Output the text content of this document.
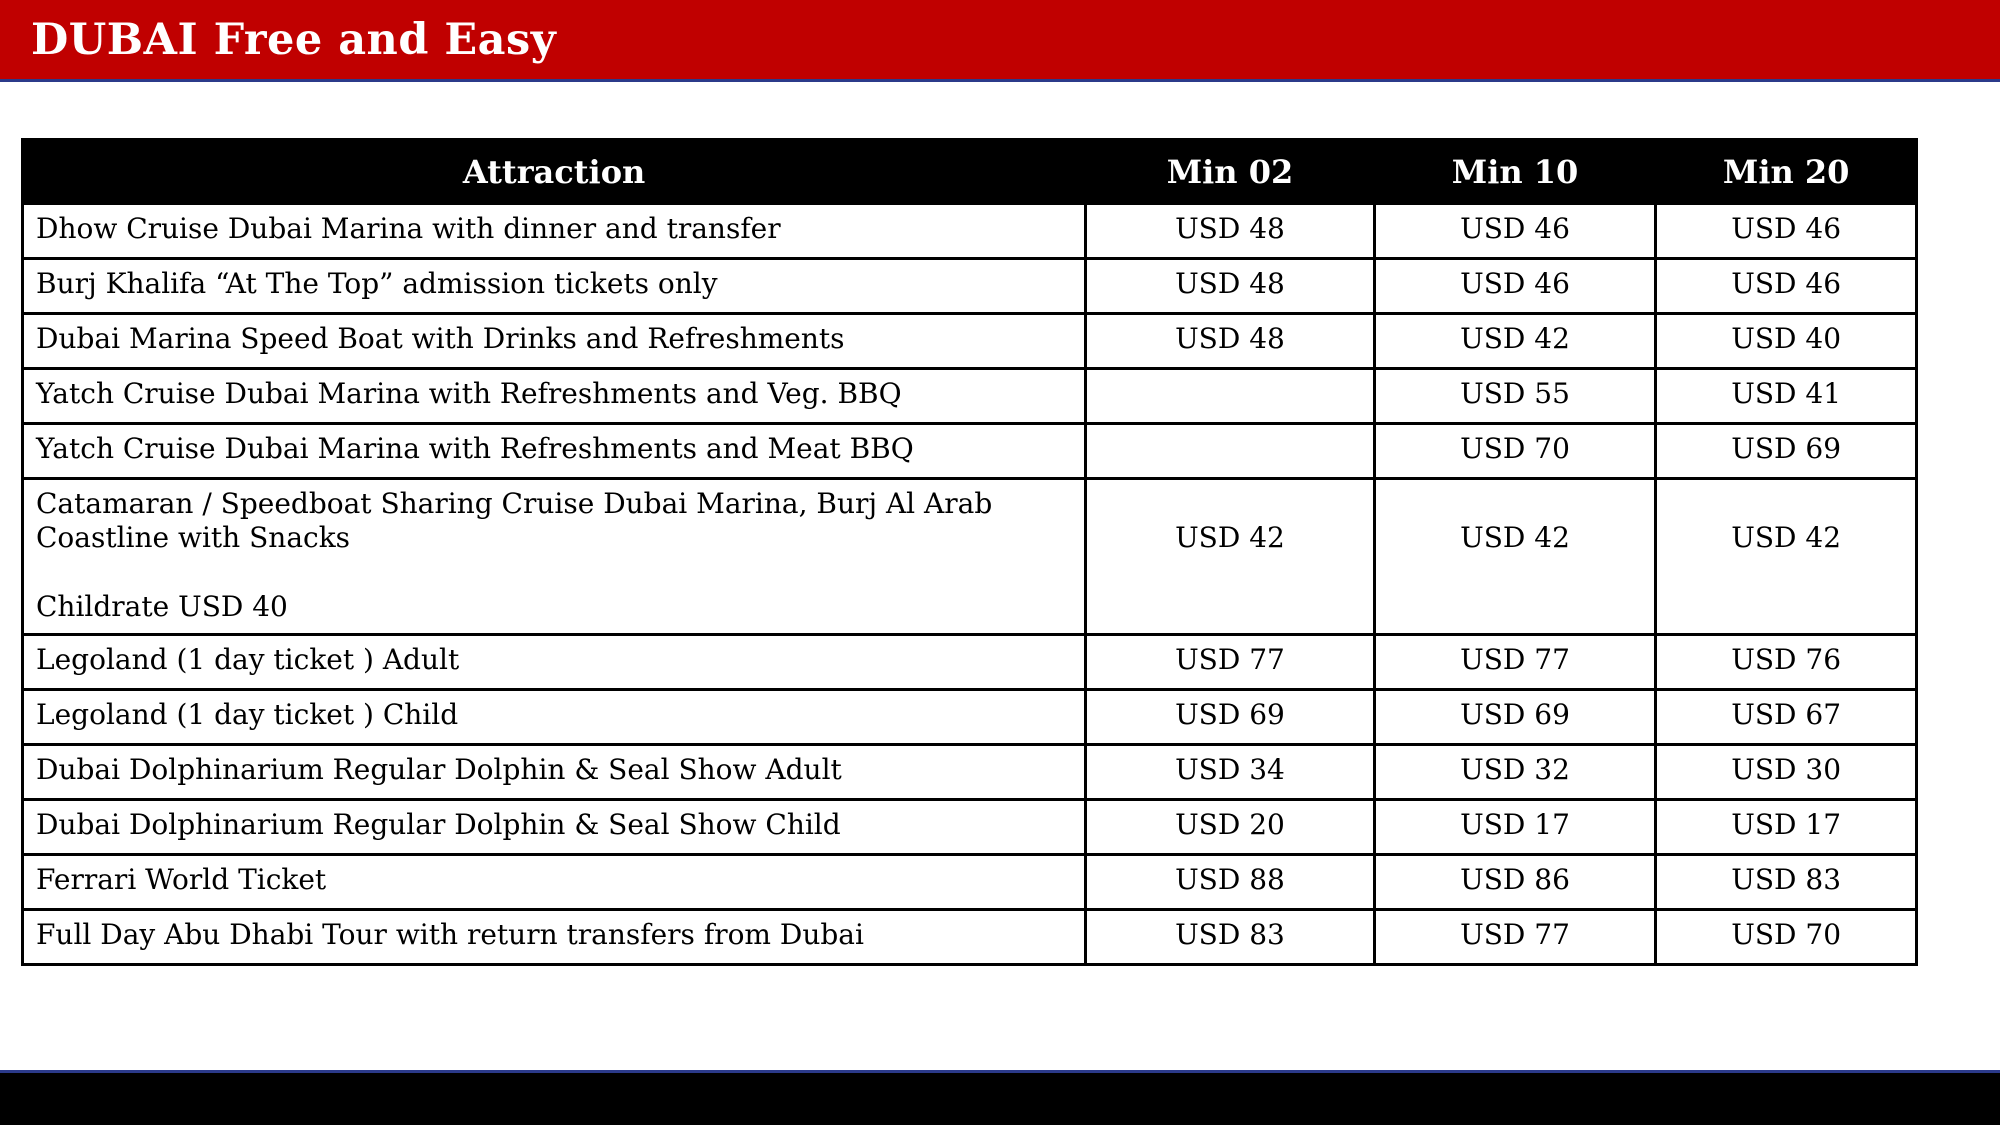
DUBAI Free and Easy
Attraction	Min 02	Min 10	Min 20
Dhow Cruise Dubai Marina with dinner and transfer	USD 48	USD 46	USD 46
Burj Khalifa “At The Top” admission tickets only	USD 48	USD 46	USD 46
Dubai Marina Speed Boat with Drinks and Refreshments	USD 48	USD 42	USD 40
Yatch Cruise Dubai Marina with Refreshments and Veg. BBQ		USD 55	USD 41
Yatch Cruise Dubai Marina with Refreshments and Meat BBQ		USD 70	USD 69

Catamaran / Speedboat Sharing Cruise Dubai Marina, Burj Al Arab
Coastline with Snacks
Childrate USD 40	USD 42	USD 42	USD 42
Legoland (1 day ticket ) Adult	USD 77	USD 77	USD 76
Legoland (1 day ticket ) Child	USD 69	USD 69	USD 67
Dubai Dolphinarium Regular Dolphin & Seal Show Adult	USD 34	USD 32	USD 30
Dubai Dolphinarium Regular Dolphin & Seal Show Child	USD 20	USD 17	USD 17
Ferrari World Ticket	USD 88	USD 86	USD 83
Full Day Abu Dhabi Tour with return transfers from Dubai	USD 83	USD 77	USD 70
